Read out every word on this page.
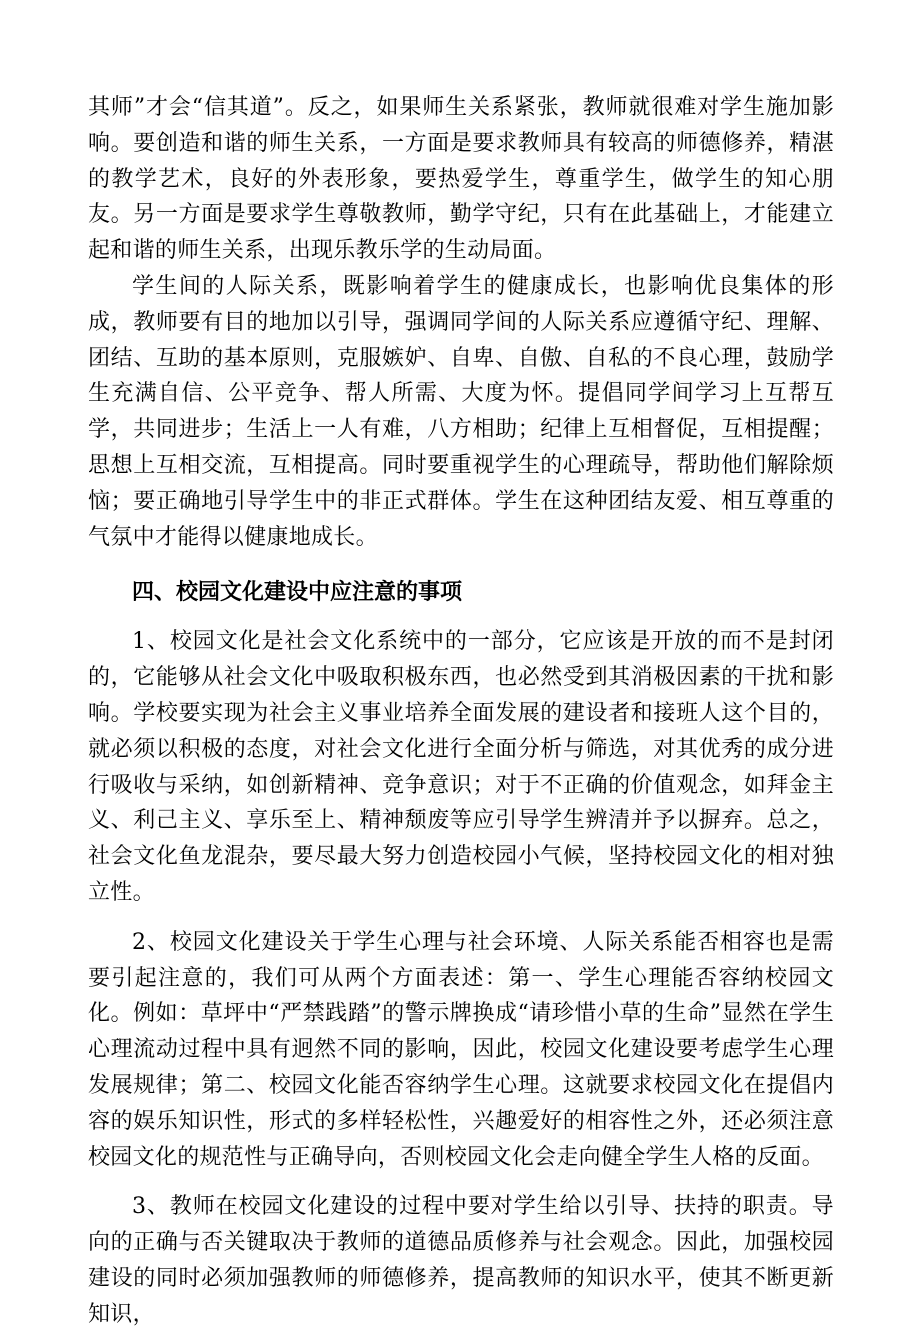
其师”才会“信其道”。反之，如果师生关系紧张，教师就很难对学生施加影响。要创造和谐的师生关系，一方面是要求教师具有较高的师德修养，精湛的教学艺术，良好的外表形象，要热爱学生，尊重学生，做学生的知心朋友。另一方面是要求学生尊敬教师，勤学守纪，只有在此基础上，才能建立起和谐的师生关系，出现乐教乐学的生动局面。

学生间的人际关系，既影响着学生的健康成长，也影响优良集体的形成，教师要有目的地加以引导，强调同学间的人际关系应遵循守纪、理解、团结、互助的基本原则，克服嫉妒、自卑、自傲、自私的不良心理，鼓励学生充满自信、公平竞争、帮人所需、大度为怀。提倡同学间学习上互帮互学，共同进步；生活上一人有难，八方相助；纪律上互相督促，互相提醒；思想上互相交流，互相提高。同时要重视学生的心理疏导，帮助他们解除烦恼；要正确地引导学生中的非正式群体。学生在这种团结友爱、相互尊重的气氛中才能得以健康地成长。

四、校园文化建设中应注意的事项

1、校园文化是社会文化系统中的一部分，它应该是开放的而不是封闭的，它能够从社会文化中吸取积极东西，也必然受到其消极因素的干扰和影响。学校要实现为社会主义事业培养全面发展的建设者和接班人这个目的，就必须以积极的态度，对社会文化进行全面分析与筛选，对其优秀的成分进行吸收与采纳，如创新精神、竞争意识；对于不正确的价值观念，如拜金主义、利己主义、享乐至上、精神颓废等应引导学生辨清并予以摒弃。总之，社会文化鱼龙混杂，要尽最大努力创造校园小气候，坚持校园文化的相对独立性。

2、校园文化建设关于学生心理与社会环境、人际关系能否相容也是需要引起注意的，我们可从两个方面表述：第一、学生心理能否容纳校园文化。例如：草坪中“严禁践踏”的警示牌换成“请珍惜小草的生命”显然在学生心理流动过程中具有迥然不同的影响，因此，校园文化建设要考虑学生心理发展规律；第二、校园文化能否容纳学生心理。这就要求校园文化在提倡内容的娱乐知识性，形式的多样轻松性，兴趣爱好的相容性之外，还必须注意校园文化的规范性与正确导向，否则校园文化会走向健全学生人格的反面。

3、教师在校园文化建设的过程中要对学生给以引导、扶持的职责。导向的正确与否关键取决于教师的道德品质修养与社会观念。因此，加强校园建设的同时必须加强教师的师德修养，提高教师的知识水平，使其不断更新知识，
